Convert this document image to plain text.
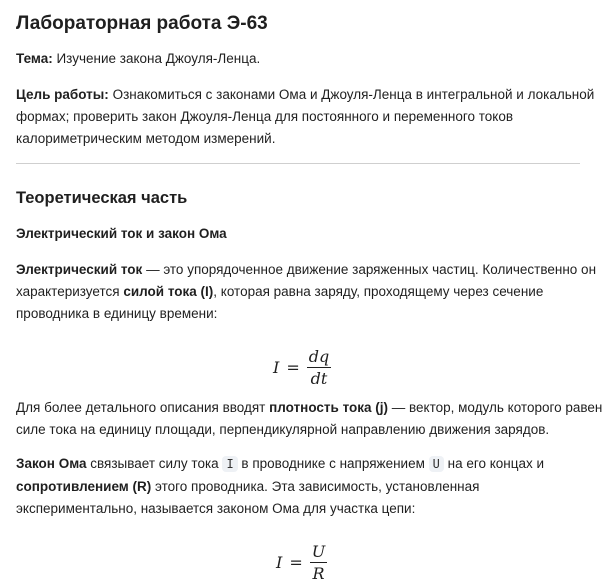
Лабораторная работа Э-63
Тема: Изучение закона Джоуля-Ленца.
Цель работы: Ознакомиться с законами Ома и Джоуля-Ленца в интегральной и локальной
формах; проверить закон Джоуля-Ленца для постоянного и переменного токов
калориметрическим методом измерений.
Теоретическая часть
Электрический ток и закон Ома
Электрический ток — это упорядоченное движение заряженных частиц. Количественно он
характеризуется силой тока (I), которая равна заряду, проходящему через сечение
проводника в единицу времени:
$I = \frac{dq}{dt}$
Для более детального описания вводят плотность тока (j) — вектор, модуль которого равен
силе тока на единицу площади, перпендикулярной направлению движения зарядов.
Закон Ома связывает силу тока I в проводнике с напряжением U на его концах и
сопротивлением (R) этого проводника. Эта зависимость, установленная
экспериментально, называется законом Ома для участка цепи:
$I = \frac{U}{R}$
